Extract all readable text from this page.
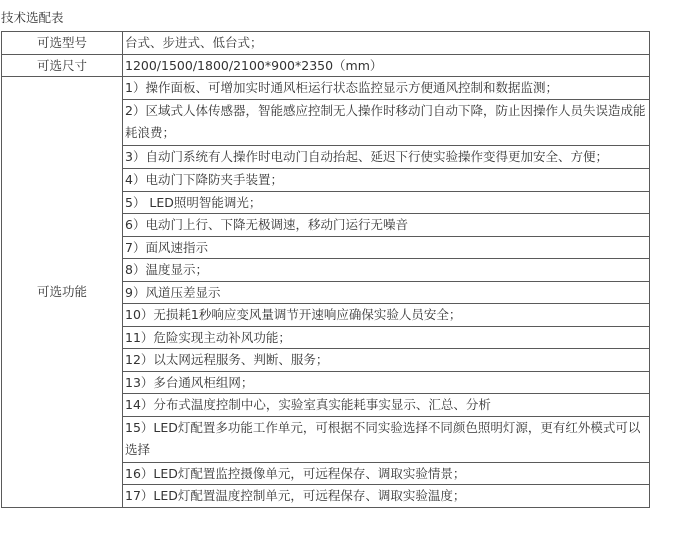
技术选配表
可选型号	台式、步进式、低台式；
可选尺寸	1200/1500/1800/2100*900*2350（mm）
可选功能	1）操作面板、可增加实时通风柜运行状态监控显示方便通风控制和数据监测；
	2）区域式人体传感器，智能感应控制无人操作时移动门自动下降，防止因操作人员失误造成能耗浪费；
	3）自动门系统有人操作时电动门自动抬起、延迟下行使实验操作变得更加安全、方便；
	4）电动门下降防夹手装置；
	5） LED照明智能调光；
	6）电动门上行、下降无极调速，移动门运行无噪音
	7）面风速指示
	8）温度显示；
	9）风道压差显示
	10）无损耗1秒响应变风量调节开速响应确保实验人员安全；
	11）危险实现主动补风功能；
	12）以太网远程服务、判断、服务；
	13）多台通风柜组网；
	14）分布式温度控制中心，实验室真实能耗事实显示、汇总、分析
	15）LED灯配置多功能工作单元，可根据不同实验选择不同颜色照明灯源，更有红外模式可以选择
	16）LED灯配置监控摄像单元，可远程保存、调取实验情景；
	17）LED灯配置温度控制单元，可远程保存、调取实验温度；
